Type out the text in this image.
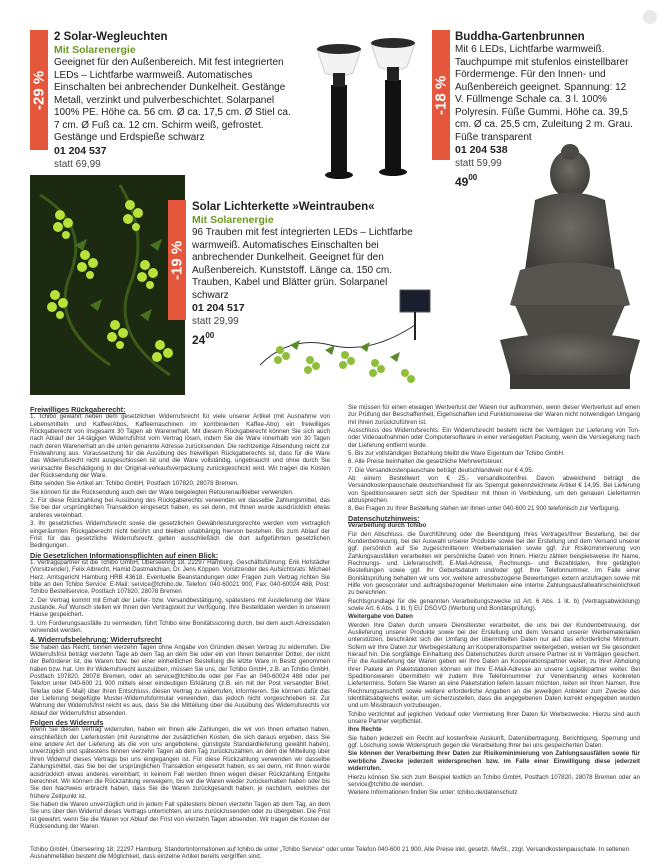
-29 %
2 Solar-Wegleuchten
Mit Solarenergie
Geeignet für den Außenbereich. Mit fest integrierten LEDs – Lichtfarbe warmweiß. Automatisches Einschalten bei anbrechender Dunkelheit. Gestänge Metall, verzinkt und pulverbeschichtet. Solarpanel 100% PE. Höhe ca. 56 cm. Ø ca. 17,5 cm. Ø Stiel ca. 7 cm. Ø Fuß ca. 12 cm. Schirm weiß, gefrostet. Gestänge und Erdspieße schwarz
01 204 537
statt 69,99
-18 %
Buddha-Gartenbrunnen
Mit 6 LEDs, Lichtfarbe warmweiß. Tauchpumpe mit stufenlos einstellbarer Fördermenge. Für den Innen- und Außenbereich geeignet. Spannung: 12 V. Füllmenge Schale ca. 3 l. 100% Polyresin. Füße Gummi. Höhe ca. 39,5 cm. Ø ca. 25,5 cm, Zuleitung 2 m. Grau. Füße transparent
01 204 538
statt 59,99
$49^{00}$
-19 %
Solar Lichterkette »Weintrauben«
Mit Solarenergie
96 Trauben mit fest integrierten LEDs – Lichtfarbe warmweiß. Automatisches Einschalten bei anbrechender Dunkelheit. Geeignet für den Außenbereich. Kunststoff. Länge ca. 150 cm. Trauben, Kabel und Blätter grün. Solarpanel schwarz
01 204 517
statt 29,99
$24^{00}$
Freiwilliges Rückgaberecht:

1. Tchibo gewährt neben dem gesetzlichen Widerrufsrecht für viele unserer Artikel (mit Ausnahme von Lebensmitteln und Kaffee/Abos, Kaffeemaschinen im kombinierten Kaffee-Abo) ein freiwilliges Rückgaberecht von insgesamt 30 Tagen ab Warenerhalt. Mit diesem Rückgaberecht können Sie sich auch nach Ablauf der 14-tägigen Widerrufsfrist vom Vertrag lösen, indem Sie die Ware innerhalb von 30 Tagen nach deren Warenerhalt an die unten genannte Adresse zurücksenden. Die rechtzeitige Absendung reicht zur Fristwahrung aus. Voraussetzung für die Ausübung des freiwilligen Rückgaberechts ist, dass für die Ware das Widerrufsrecht nicht ausgeschlossen ist und die Ware vollständig, ungebraucht und ohne durch Sie verursachte Beschädigung in der Original-verkaufsverpackung zurückgeschickt wird. Wir tragen die Kosten der Rücksendung der Ware.

Bitte senden Sie Artikel an: Tchibo GmbH, Postfach 107820, 28078 Bremen.

Sie können für die Rücksendung auch den der Ware beigelegten Retourenaufkleber verwenden.

2. Für diese Rückzahlung bei Ausübung des Rückgaberechts verwenden wir dasselbe Zahlungsmittel, das Sie bei der ursprünglichen Transaktion eingesetzt haben, es sei denn, mit Ihnen wurde ausdrücklich etwas anderes vereinbart.

3. Ihr gesetzliches Widerrufsrecht sowie die gesetzlichen Gewährleistungsrechte werden vom vertraglich eingeräumten Rückgaberecht nicht berührt und bleiben unabhängig hiervon bestehen. Bis zum Ablauf der Frist für das gesetzliche Widerrufsrecht gelten ausschließlich die dort aufgeführten gesetzlichen Bedingungen.

Die Gesetzlichen Informationspflichten auf einen Blick:

1. Vertragspartner ist die Tchibo GmbH, Überseering 18, 22297 Hamburg. Geschäftsführung: Erik Hofstädter (Vorsitzender), Felix Albrecht, Hamid Dastmalchian, Dr. Jens Köppen. Vorsitzender des Aufsichtsrats: Michael Herz. Amtsgericht Hamburg HRB 43618. Eventuelle Beanstandungen oder Fragen zum Vertrag richten Sie bitte an den Tchibo Service: E-Mail: service@tchibo.de, Telefon: 040-60021 900, Fax: 040-60024 488, Post: Tchibo Bestellservice, Postfach 107820, 28078 Bremen

2. Der Vertrag kommt mit Erhalt der Liefer- bzw. Versandbestätigung, spätestens mit Auslieferung der Ware zustande. Auf Wunsch stellen wir Ihnen den Vertragstext zur Verfügung. Ihre Bestelldaten werden in unserem Hause gespeichert.

3. Um Forderungsausfälle zu vermeiden, führt Tchibo eine Bonitätsscoring durch, bei dem auch Adressdaten verwendet werden.

4. Widerrufsbelehrung: Widerrufsrecht

Sie haben das Recht, binnen vierzehn Tagen ohne Angabe von Gründen diesen Vertrag zu widerrufen. Die Widerrufsfrist beträgt vierzehn Tage ab dem Tag an dem Sie oder ein von Ihnen benannter Dritter, der nicht der Beförderer ist, die Waren bzw. bei einer einheitlichen Bestellung die letzte Ware in Besitz genommen haben bzw. hat. Um Ihr Widerrufsrecht auszuüben, müssen Sie uns, der Tchibo GmbH, z.B. an Tchibo GmbH, Postfach 107820, 28078 Bremen, oder an service@tchibo.de oder per Fax an 040-60024 488 oder per Telefon unter 040-600 21 900 mittels einer eindeutigen Erklärung (z.B. ein mit der Post versandter Brief, Telefax oder E-Mail) über Ihren Entschluss, diesen Vertrag zu widerrufen, informieren. Sie können dafür das der Lieferung beigefügte Muster-Widerrufsformular verwenden, das jedoch nicht vorgeschrieben ist. Zur Wahrung der Widerrufsfrist reicht es aus, dass Sie die Mitteilung über die Ausübung des Widerrufsrechts vor Ablauf der Widerrufsfrist absenden.

Folgen des Widerrufs

Wenn Sie diesen Vertrag widerrufen, haben wir Ihnen alle Zahlungen, die wir von Ihnen erhalten haben, einschließlich der Lieferkosten (mit Ausnahme der zusätzlichen Kosten, die sich daraus ergeben, dass Sie eine andere Art der Lieferung als die von uns angebotene, günstigste Standardlieferung gewählt haben), unverzüglich und spätestens binnen vierzehn Tagen ab dem Tag zurückzuzahlen, an dem die Mitteilung über Ihren Widerruf dieses Vertrags bei uns eingegangen ist. Für diese Rückzahlung verwenden wir dasselbe Zahlungsmittel, das Sie bei der ursprünglichen Transaktion eingesetzt haben, es sei denn, mit Ihnen wurde ausdrücklich etwas anderes vereinbart; in keinem Fall werden Ihnen wegen dieser Rückzahlung Entgelte berechnet. Wir können die Rückzahlung verweigern, bis wir die Waren wieder zurückerhalten haben oder bis Sie den Nachweis erbracht haben, dass Sie die Waren zurückgesandt haben, je nachdem, welches der frühere Zeitpunkt ist.

Sie haben die Waren unverzüglich und in jedem Fall spätestens binnen vierzehn Tagen ab dem Tag, an dem Sie uns über den Widerruf dieses Vertrags unterrichten, an uns zurückzusenden oder zu übergeben. Die Frist ist gewahrt, wenn Sie die Waren vor Ablauf der Frist von vierzehn Tagen absenden. Wir tragen die Kosten der Rücksendung der Waren.

Sie müssen für einen etwaigen Wertverlust der Waren nur aufkommen, wenn dieser Wertverlust auf einen zur Prüfung der Beschaffenheit, Eigenschaften und Funktionsweise der Waren nicht notwendigen Umgang mit ihnen zurückzuführen ist.

Ausschluss des Widerrufsrechts: Ein Widerrufsrecht besteht nicht bei Verträgen zur Lieferung von Ton- oder Videoaufnahmen oder Computersoftware in einer versiegelten Packung, wenn die Versiegelung nach der Lieferung entfernt wurde.

5. Bis zur vollständigen Bezahlung bleibt die Ware Eigentum der Tchibo GmbH.

6. Alle Preise beinhalten die gesetzliche Mehrwertsteuer.

7. Die Versandkostenpauschale beträgt deutschlandweit nur € 4,95.

Ab einem Bestellwert von € 25,- versandkostenfrei. Davon abweichend beträgt die Versandkostenpauschale deutschlandweit für als Sperrgut gekennzeichnete Artikel € 14,95. Bei Lieferung von Speditionswaren setzt sich der Spediteur mit Ihnen in Verbindung, um den genauen Liefertermin abzusprechen.

8. Bei Fragen zu Ihrer Bestellung stehen wir Ihnen unter 040-600 21 900 telefonisch zur Verfügung.

Datenschutzhinweis:

Verarbeitung durch Tchibo

Für den Abschluss, die Durchführung oder die Beendigung Ihres Vertrages/Ihrer Bestellung, bei der Kundenbetreuung, bei der Auswahl unserer Produkte sowie bei der Erstellung und dem Versand unserer ggf. persönlich auf Sie zugeschnittenen Werbematerialien sowie ggf. zur Risikominimierung von Zahlungsausfällen verarbeiten wir persönliche Daten von Ihnen. Hierzu zählen beispielsweise Ihr Name, Rechnungs- und Lieferanschrift, E-Mail-Adresse, Rechnungs- und Bezahldaten, Ihre getätigten Bestellungen sowie ggf. Ihr Geburtsdatum und/oder ggf. Ihre Telefonnummer. Im Falle einer Bonitätsprüfung behalten wir uns vor, weitere adressbezogene Bewertungen extern anzufragen sowie mit Hilfe von geoscoraler und auftragsbezogener Merkmalen eine interne Zahlungsausfallwahrscheinlichkeit zu berechnen.

Rechtsgrundlage für die genannten Verarbeitungszwecke ist Art. 6 Abs. 1 lit. b) (Vertragsabwicklung) sowie Art. 6 Abs. 1 lit. f) EU DSGVO (Werbung und Bonitätsprüfung).

Weitergabe von Daten

Werden Ihre Daten durch unsere Dienstleister verarbeitet, die uns bei der Kundenbetreuung, der Auslieferung unserer Produkte sowie bei der Erstellung und dem Versand unserer Werbematerialien unterstützen, beschränkt sich der Umfang der übermittelten Daten nur auf das erforderliche Minimum. Sofern wir Ihre Daten zur Werbegestaltung an Kooperationspartner weitergeben, weisen wir Sie gesondert hierauf hin. Die sorgfältige Einhaltung des Datenschutzes durch unsere Partner ist in Verträgen gesichert. Für die Auslieferung der Waren geben wir Ihre Daten an Kooperationspartner weiter; zu Ihrer Abholung Ihrer Pakete an Paketstationen können wir Ihre E-Mail-Adresse an unsere Logistikpartner weiter. Bei Speditionswaren übermitteln wir zudem Ihre Telefonnummer zur Vereinbarung eines konkreten Liefertermins. Sofern Sie Waren an eine Paketstation liefern lassen möchten, leiten wir Ihren Namen, Ihre Rechnungsanschrift sowie weitere erforderliche Angaben an die jeweiligen Anbieter zum Zwecke des Identitätsabgleichs weiter, um sicherzustellen, dass die angegebenen Daten korrekt eingegeben wurden und um Missbrauch vorzubeugen.

Tchibo verzichtet auf jeglichen Verkauf oder Vermietung Ihrer Daten für Werbezwecke. Hierzu sind auch unsere Partner verpflichtet.

Ihre Rechte

Sie haben jederzeit ein Recht auf kostenfreie Auskunft, Datenübertragung, Berichtigung, Sperrung und ggf. Löschung sowie Widerspruch gegen die Verarbeitung Ihrer bei uns gespeicherten Daten.

Sie können der Verarbeitung Ihrer Daten zur Risikominimierung von Zahlungsausfällen sowie für werbliche Zwecke jederzeit widersprechen bzw. im Falle einer Einwilligung diese jederzeit widerrufen.

Hierzu können Sie sich zum Beispiel textlich an Tchibo GmbH, Postfach 107820, 28078 Bremen oder an service@tchibo.de wenden.

Weitere Informationen finden Sie unter: tchibo.de/datenschutz

Tchibo GmbH, Überseering 18, 22297 Hamburg. Standortinformationen auf tchibo.de unter „Tchibo Service“ oder unter Telefon 040-600 21 900. Alle Preise inkl. gesetzl. MwSt., zzgl. Versandkostenpauschale. In seltenen Ausnahmefällen besteht die Möglichkeit, dass einzelne Artikel bereits vergriffen sind.
